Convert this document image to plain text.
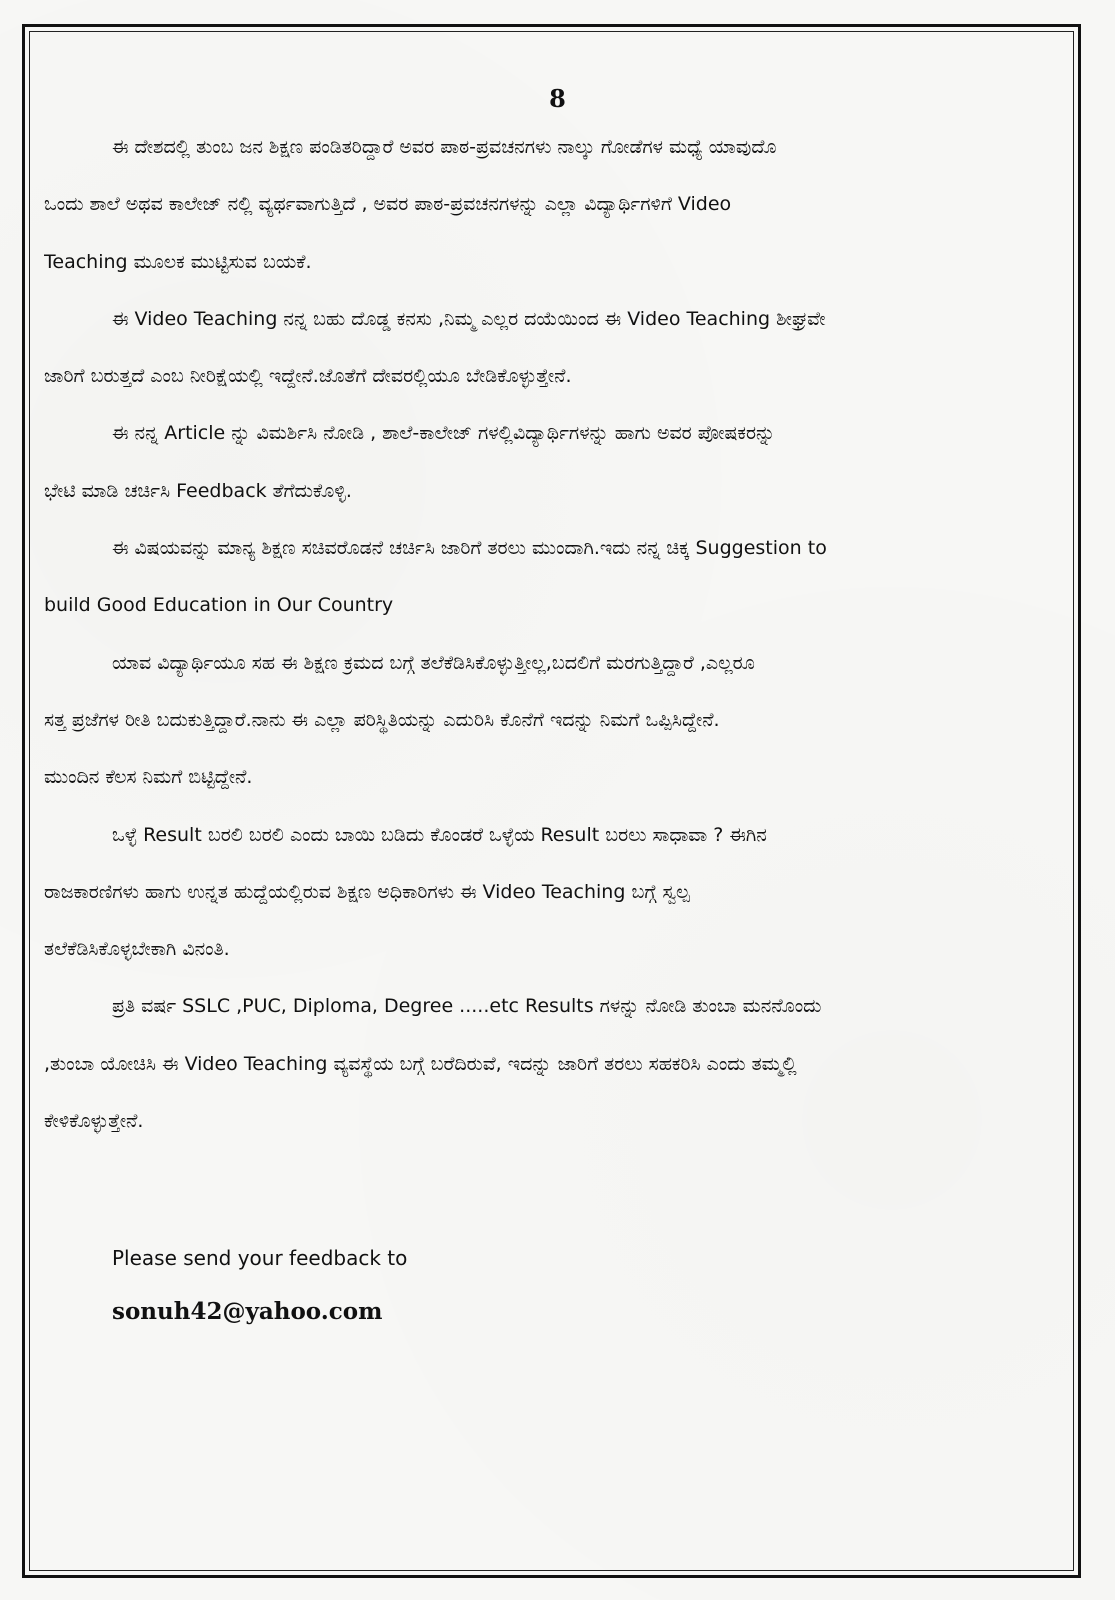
8
ಈ ದೇಶದಲ್ಲಿ ತುಂಬ ಜನ ಶಿಕ್ಷಣ ಪಂಡಿತರಿದ್ದಾರೆ ಅವರ ಪಾಠ-ಪ್ರವಚನಗಳು ನಾಲ್ಕು ಗೋಡೆಗಳ ಮಧ್ಯೆ ಯಾವುದೊ
ಒಂದು ಶಾಲೆ ಅಥವ ಕಾಲೇಜ್ ನಲ್ಲಿ ವ್ಯರ್ಥವಾಗುತ್ತಿದೆ , ಅವರ ಪಾಠ-ಪ್ರವಚನಗಳನ್ನು ಎಲ್ಲಾ ವಿದ್ಯಾರ್ಥಿಗಳಿಗೆ Video
Teaching ಮೂಲಕ ಮುಟ್ಟಿಸುವ ಬಯಕೆ.
ಈ Video Teaching ನನ್ನ ಬಹು ದೊಡ್ಡ ಕನಸು ,ನಿಮ್ಮ ಎಲ್ಲರ ದಯೆಯಿಂದ ಈ Video Teaching ಶೀಘ್ರವೇ
ಜಾರಿಗೆ ಬರುತ್ತದೆ ಎಂಬ ನೀರಿಕ್ಷೆಯಲ್ಲಿ ಇದ್ದೇನೆ.ಜೊತೆಗೆ ದೇವರಲ್ಲಿಯೂ ಬೇಡಿಕೊಳ್ಳುತ್ತೇನೆ.
ಈ ನನ್ನ Article ನ್ನು ವಿಮರ್ಶಿಸಿ ನೋಡಿ , ಶಾಲೆ-ಕಾಲೇಜ್ ಗಳಲ್ಲಿವಿದ್ಯಾರ್ಥಿಗಳನ್ನು ಹಾಗು ಅವರ ಪೋಷಕರನ್ನು
ಭೇಟಿ ಮಾಡಿ ಚರ್ಚಿಸಿ Feedback ತೆಗೆದುಕೊಳ್ಳಿ.
ಈ ವಿಷಯವನ್ನು ಮಾನ್ಯ ಶಿಕ್ಷಣ ಸಚಿವರೊಡನೆ ಚರ್ಚಿಸಿ ಜಾರಿಗೆ ತರಲು ಮುಂದಾಗಿ.ಇದು ನನ್ನ ಚಿಕ್ಕ Suggestion to
build Good Education in Our Country
ಯಾವ ವಿದ್ಯಾರ್ಥಿಯೂ ಸಹ ಈ ಶಿಕ್ಷಣ ಕ್ರಮದ ಬಗ್ಗೆ ತಲೆಕೆಡಿಸಿಕೊಳ್ಳುತ್ತೀಲ್ಲ,ಬದಲಿಗೆ ಮರಗುತ್ತಿದ್ದಾರೆ ,ಎಲ್ಲರೂ
ಸತ್ತ ಪ್ರಜೆಗಳ ರೀತಿ ಬದುಕುತ್ತಿದ್ದಾರೆ.ನಾನು ಈ ಎಲ್ಲಾ ಪರಿಸ್ಥಿತಿಯನ್ನು ಎದುರಿಸಿ ಕೊನೆಗೆ ಇದನ್ನು ನಿಮಗೆ ಒಪ್ಪಿಸಿದ್ದೇನೆ.
ಮುಂದಿನ ಕೆಲಸ ನಿಮಗೆ ಬಿಟ್ಟಿದ್ದೇನೆ.
ಒಳ್ಳೆ Result ಬರಲಿ ಬರಲಿ ಎಂದು ಬಾಯಿ ಬಡಿದು ಕೊಂಡರೆ ಒಳ್ಳೆಯ Result ಬರಲು ಸಾಧಾವಾ ? ಈಗಿನ
ರಾಜಕಾರಣಿಗಳು ಹಾಗು ಉನ್ನತ ಹುದ್ದೆಯಲ್ಲಿರುವ ಶಿಕ್ಷಣ ಅಧಿಕಾರಿಗಳು ಈ Video Teaching ಬಗ್ಗೆ ಸ್ವಲ್ಪ
ತಲೆಕೆಡಿಸಿಕೊಳ್ಳಬೇಕಾಗಿ ವಿನಂತಿ.
ಪ್ರತಿ ವರ್ಷ SSLC ,PUC, Diploma, Degree .....etc Results ಗಳನ್ನು ನೋಡಿ ತುಂಬಾ ಮನನೊಂದು
,ತುಂಬಾ ಯೋಚಿಸಿ ಈ Video Teaching ವ್ಯವಸ್ಥೆಯ ಬಗ್ಗೆ ಬರೆದಿರುವೆ, ಇದನ್ನು ಜಾರಿಗೆ ತರಲು ಸಹಕರಿಸಿ ಎಂದು ತಮ್ಮಲ್ಲಿ
ಕೇಳಿಕೊಳ್ಳುತ್ತೇನೆ.
Please send your feedback to
sonuh42@yahoo.com
